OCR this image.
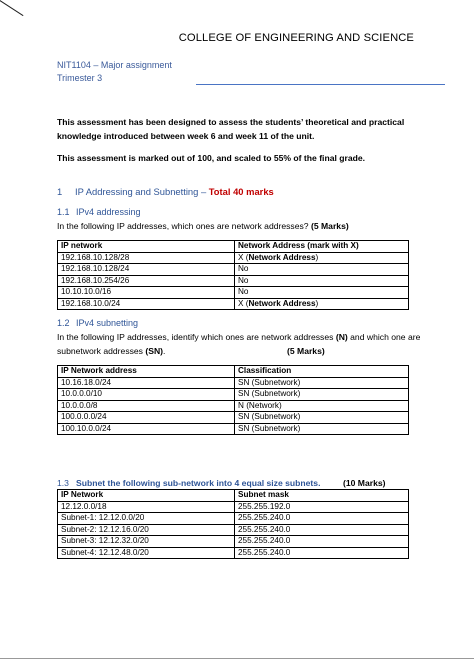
COLLEGE OF ENGINEERING AND SCIENCE
NIT1104 – Major assignment
Trimester 3
This assessment has been designed to assess the students’ theoretical and practical knowledge introduced between week 6 and week 11 of the unit.
This assessment is marked out of 100, and scaled to 55% of the final grade.
1 IP Addressing and Subnetting – Total 40 marks
1.1 IPv4 addressing
In the following IP addresses, which ones are network addresses? (5 Marks)
IP network	Network Address (mark with X)
192.168.10.128/28	X (Network Address)
192.168.10.128/24	No
192.168.10.254/26	No
10.10.10.0/16	No
192.168.10.0/24	X (Network Address)
1.2 IPv4 subnetting
In the following IP addresses, identify which ones are network addresses (N) and which one are subnetwork addresses (SN).	(5 Marks)
IP Network address	Classification
10.16.18.0/24	SN (Subnetwork)
10.0.0.0/10	SN (Subnetwork)
10.0.0.0/8	N (Network)
100.0.0.0/24	SN (Subnetwork)
100.10.0.0/24	SN (Subnetwork)
1.3 Subnet the following sub-network into 4 equal size subnets.	(10 Marks)
IP Network	Subnet mask
12.12.0.0/18	255.255.192.0
Subnet-1: 12.12.0.0/20	255.255.240.0
Subnet-2: 12.12.16.0/20	255.255.240.0
Subnet-3: 12.12.32.0/20	255.255.240.0
Subnet-4: 12.12.48.0/20	255.255.240.0
